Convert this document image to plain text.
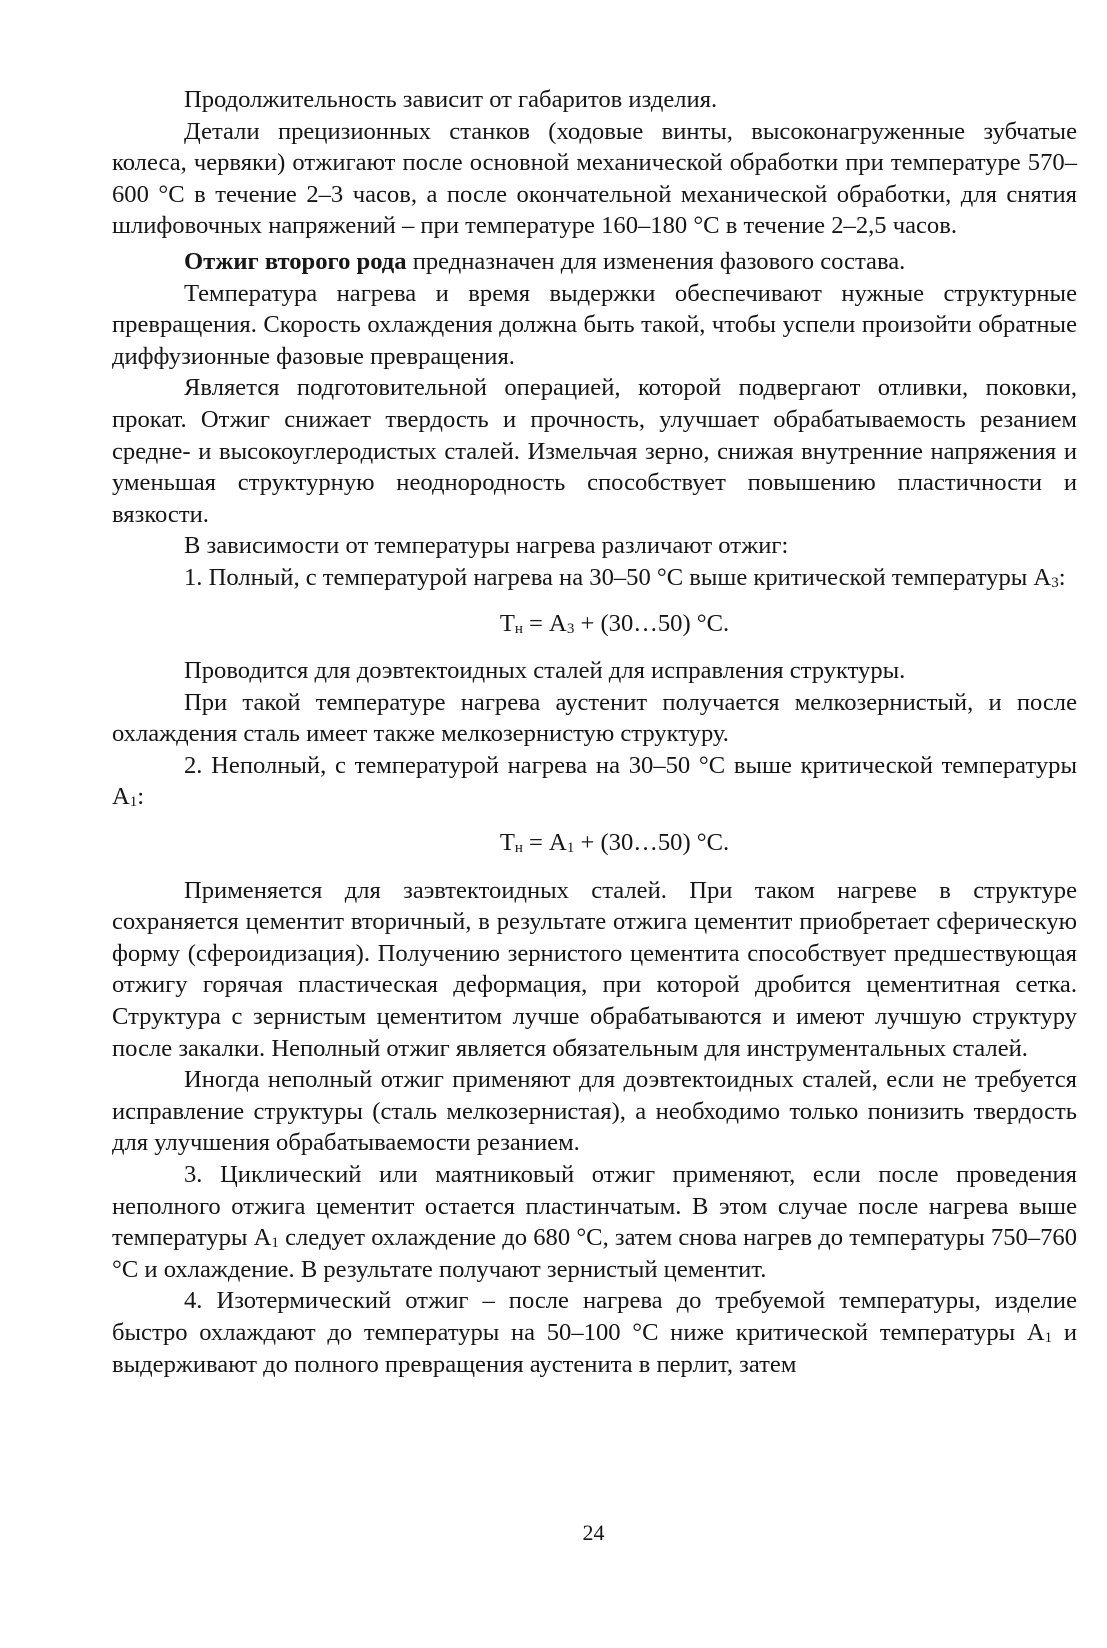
Продолжительность зависит от габаритов изделия.

Детали прецизионных станков (ходовые винты, высоконагруженные зубчатые колеса, червяки) отжигают после основной механической обработки при температуре 570–600 °С в течение 2–3 часов, а после окончательной механической обработки, для снятия шлифовочных напряжений – при температуре 160–180 °С в течение 2–2,5 часов.

Отжиг второго рода предназначен для изменения фазового состава.

Температура нагрева и время выдержки обеспечивают нужные структурные превращения. Скорость охлаждения должна быть такой, чтобы успели произойти обратные диффузионные фазовые превращения.

Является подготовительной операцией, которой подвергают отливки, поковки, прокат. Отжиг снижает твердость и прочность, улучшает обрабатываемость резанием средне- и высокоуглеродистых сталей. Измельчая зерно, снижая внутренние напряжения и уменьшая структурную неоднородность способствует повышению пластичности и вязкости.

В зависимости от температуры нагрева различают отжиг:

1. Полный, с температурой нагрева на 30–50 °С выше критической температуры $А_3$:

$Т_н = А_3$ + (30…50) °С.

Проводится для доэвтектоидных сталей для исправления структуры.

При такой температуре нагрева аустенит получается мелкозернистый, и после охлаждения сталь имеет также мелкозернистую структуру.

2. Неполный, с температурой нагрева на 30–50 °С выше критической температуры $А_1$:

$Т_н = А_1$ + (30…50) °С.

Применяется для заэвтектоидных сталей. При таком нагреве в структуре сохраняется цементит вторичный, в результате отжига цементит приобретает сферическую форму (сфероидизация). Получению зернистого цементита способствует предшествующая отжигу горячая пластическая деформация, при которой дробится цементитная сетка. Структура с зернистым цементитом лучше обрабатываются и имеют лучшую структуру после закалки. Неполный отжиг является обязательным для инструментальных сталей.

Иногда неполный отжиг применяют для доэвтектоидных сталей, если не требуется исправление структуры (сталь мелкозернистая), а необходимо только понизить твердость для улучшения обрабатываемости резанием.

3. Циклический или маятниковый отжиг применяют, если после проведения неполного отжига цементит остается пластинчатым. В этом случае после нагрева выше температуры $А_1$ следует охлаждение до 680 °С, затем снова нагрев до температуры 750–760 °С и охлаждение. В результате получают зернистый цементит.

4. Изотермический отжиг – после нагрева до требуемой температуры, изделие быстро охлаждают до температуры на 50–100 °С ниже критической температуры $А_1$ и выдерживают до полного превращения аустенита в перлит, затем

24
